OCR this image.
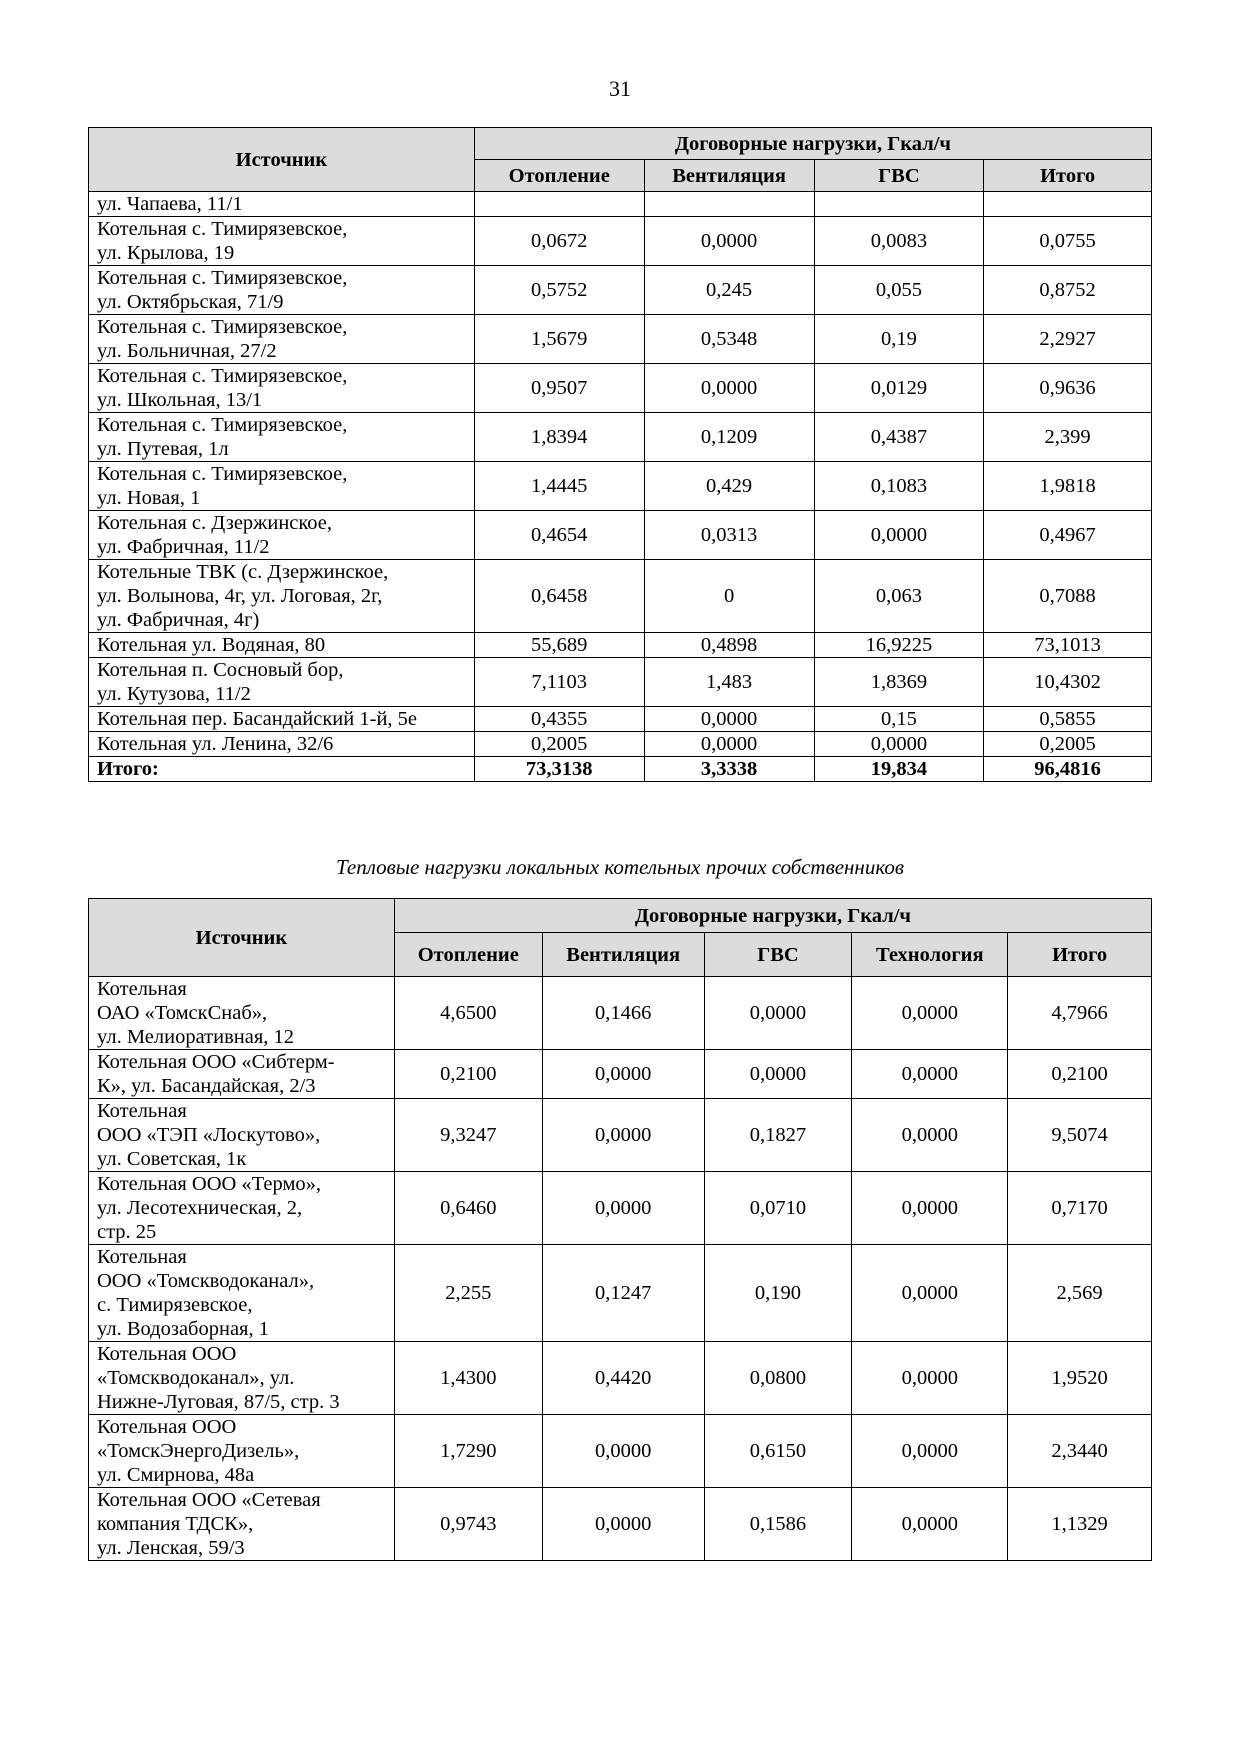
31
Источник	Договорные нагрузки, Гкал/ч			
	Отопление	Вентиляция	ГВС	Итого

ул. Чапаева, 11/1				

Котельная с. Тимирязевское,
ул. Крылова, 19	0,0672	0,0000	0,0083	0,0755

Котельная с. Тимирязевское,
ул. Октябрьская, 71/9	0,5752	0,245	0,055	0,8752

Котельная с. Тимирязевское,
ул. Больничная, 27/2	1,5679	0,5348	0,19	2,2927

Котельная с. Тимирязевское,
ул. Школьная, 13/1	0,9507	0,0000	0,0129	0,9636

Котельная с. Тимирязевское,
ул. Путевая, 1л	1,8394	0,1209	0,4387	2,399

Котельная с. Тимирязевское,
ул. Новая, 1	1,4445	0,429	0,1083	1,9818

Котельная с. Дзержинское,
ул. Фабричная, 11/2	0,4654	0,0313	0,0000	0,4967

Котельные ТВК (с. Дзержинское,
ул. Волынова, 4г, ул. Логовая, 2г,
ул. Фабричная, 4г)	0,6458	0	0,063	0,7088

Котельная ул. Водяная, 80	55,689	0,4898	16,9225	73,1013

Котельная п. Сосновый бор,
ул. Кутузова, 11/2	7,1103	1,483	1,8369	10,4302

Котельная пер. Басандайский 1-й, 5е	0,4355	0,0000	0,15	0,5855

Котельная ул. Ленина, 32/6	0,2005	0,0000	0,0000	0,2005
Итого:	73,3138	3,3338	19,834	96,4816
Тепловые нагрузки локальных котельных прочих собственников
Источник	Договорные нагрузки, Гкал/ч				
	Отопление	Вентиляция	ГВС	Технология	Итого

Котельная
ОАО «ТомскСнаб»,
ул. Мелиоративная, 12	4,6500	0,1466	0,0000	0,0000	4,7966

Котельная ООО «Сибтерм-
К», ул. Басандайская, 2/3	0,2100	0,0000	0,0000	0,0000	0,2100

Котельная
ООО «ТЭП «Лоскутово»,
ул. Советская, 1к	9,3247	0,0000	0,1827	0,0000	9,5074

Котельная ООО «Термо»,
ул. Лесотехническая, 2,
стр. 25	0,6460	0,0000	0,0710	0,0000	0,7170

Котельная
ООО «Томскводоканал»,
с. Тимирязевское,
ул. Водозаборная, 1	2,255	0,1247	0,190	0,0000	2,569

Котельная ООО
«Томскводоканал», ул.
Нижне-Луговая, 87/5, стр. 3	1,4300	0,4420	0,0800	0,0000	1,9520

Котельная ООО
«ТомскЭнергоДизель»,
ул. Смирнова, 48а	1,7290	0,0000	0,6150	0,0000	2,3440

Котельная ООО «Сетевая
компания ТДСК»,
ул. Ленская, 59/3	0,9743	0,0000	0,1586	0,0000	1,1329
